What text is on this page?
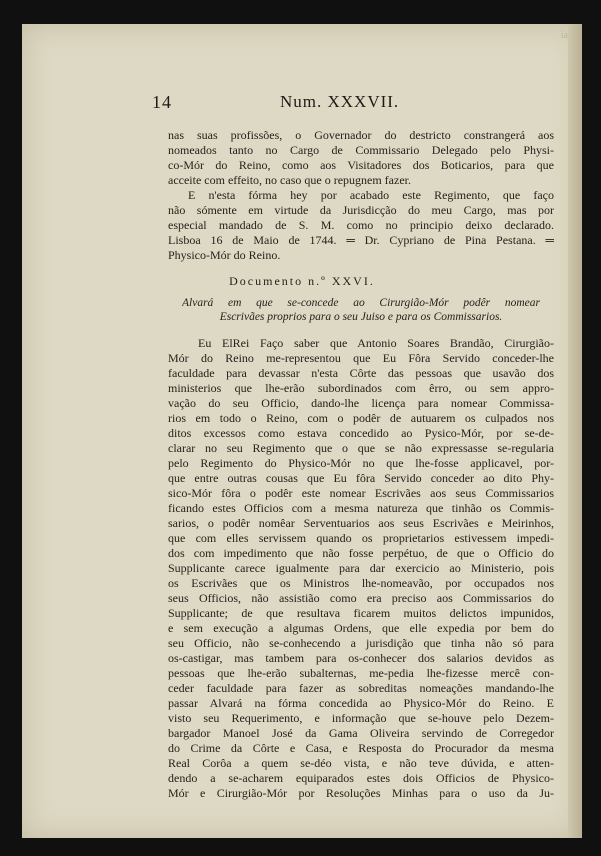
ia
14	Num. XXXVII.
nas suas profissões, o Governador do destricto constrangerá aos
nomeados tanto no Cargo de Commissario Delegado pelo Physi-
co-Mór do Reino, como aos Visitadores dos Boticarios, para que
acceite com effeito, no caso que o repugnem fazer.
E n'esta fórma hey por acabado este Regimento, que faço
não sómente em virtude da Jurisdicção do meu Cargo, mas por
especial mandado de S. M. como no principio deixo declarado.
Lisboa 16 de Maio de 1744. ═ Dr. Cypriano de Pina Pestana. ═
Physico-Mór do Reino.
Documento n.º XXVI.
Alvará em que se-concede ao Cirurgião-Mór podêr nomear
Escrivães proprios para o seu Juiso e para os Commissarios.
Eu ElRei Faço saber que Antonio Soares Brandão, Cirurgião-
Mór do Reino me-representou que Eu Fôra Servido conceder-lhe
faculdade para devassar n'esta Côrte das pessoas que usavão dos
ministerios que lhe-erão subordinados com êrro, ou sem appro-
vação do seu Officio, dando-lhe licença para nomear Commissa-
rios em todo o Reino, com o podêr de autuarem os culpados nos
ditos excessos como estava concedido ao Pysico-Mór, por se-de-
clarar no seu Regimento que o que se não expressasse se-regularia
pelo Regimento do Physico-Mór no que lhe-fosse applicavel, por-
que entre outras cousas que Eu fôra Servido conceder ao dito Phy-
sico-Mór fôra o podêr este nomear Escrivães aos seus Commissarios
ficando estes Officios com a mesma natureza que tinhão os Commis-
sarios, o podêr nomêar Serventuarios aos seus Escrivães e Meirinhos,
que com elles servissem quando os proprietarios estivessem impedi-
dos com impedimento que não fosse perpétuo, de que o Officio do
Supplicante carece igualmente para dar exercicio ao Ministerio, pois
os Escrivães que os Ministros lhe-nomeavão, por occupados nos
seus Officios, não assistião como era preciso aos Commissarios do
Supplicante; de que resultava ficarem muitos delictos impunidos,
e sem execução a algumas Ordens, que elle expedia por bem do
seu Officio, não se-conhecendo a jurisdição que tinha não só para
os-castigar, mas tambem para os-conhecer dos salarios devidos as
pessoas que lhe-erão subalternas, me-pedia lhe-fizesse mercê con-
ceder faculdade para fazer as sobreditas nomeações mandando-lhe
passar Alvará na fórma concedida ao Physico-Mór do Reino. E
visto seu Requerimento, e informação que se-houve pelo Dezem-
bargador Manoel José da Gama Oliveira servindo de Corregedor
do Crime da Côrte e Casa, e Resposta do Procurador da mesma
Real Corôa a quem se-déo vista, e não teve dúvida, e atten-
dendo a se-acharem equiparados estes dois Officios de Physico-
Mór e Cirurgião-Mór por Resoluções Minhas para o uso da Ju-
